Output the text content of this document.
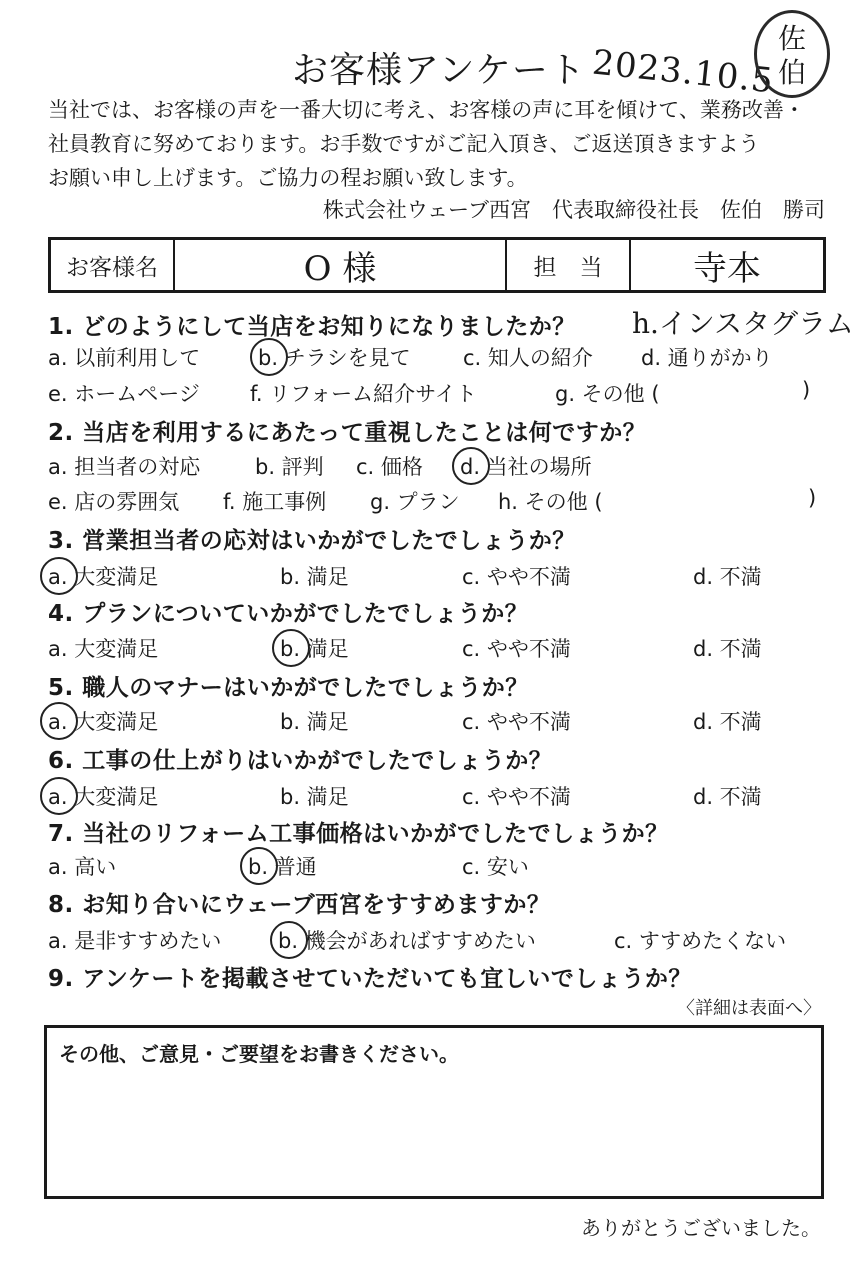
お客様アンケート 2023.10.5
佐
伯
当社では、お客様の声を一番大切に考え、お客様の声に耳を傾けて、業務改善・
社員教育に努めております。お手数ですがご記入頂き、ご返送頂きますよう
お願い申し上げます。ご協力の程お願い致します。
株式会社ウェーブ西宮　代表取締役社長　佐伯　勝司
お客様名	O 様	担　当	寺本
1. どのようにして当店をお知りになりましたか？ h.インスタグラム
a. 以前利用して	b. チラシを見て c. 知人の紹介 d. 通りがかり
e. ホームページ f. リフォーム紹介サイト	g. その他 (	)
2. 当店を利用するにあたって重視したことは何ですか？
a. 担当者の対応	b. 評判 c. 価格 d. 当社の場所
e. 店の雰囲気 f. 施工事例 g. プラン h. その他 (	)
3. 営業担当者の応対はいかがでしたでしょうか？
a. 大変満足	b. 満足	c. やや不満	d. 不満
4. プランについていかがでしたでしょうか？
a. 大変満足	b. 満足	c. やや不満	d. 不満
5. 職人のマナーはいかがでしたでしょうか？
a. 大変満足	b. 満足	c. やや不満	d. 不満
6. 工事の仕上がりはいかがでしたでしょうか？
a. 大変満足	b. 満足	c. やや不満	d. 不満
7. 当社のリフォーム工事価格はいかがでしたでしょうか？
a. 高い	b. 普通	c. 安い
8. お知り合いにウェーブ西宮をすすめますか？
a. 是非すすめたい	b. 機会があればすすめたい	c. すすめたくない
9. アンケートを掲載させていただいても宜しいでしょうか？
〈詳細は表面へ〉
その他、ご意見・ご要望をお書きください。
ありがとうございました。
